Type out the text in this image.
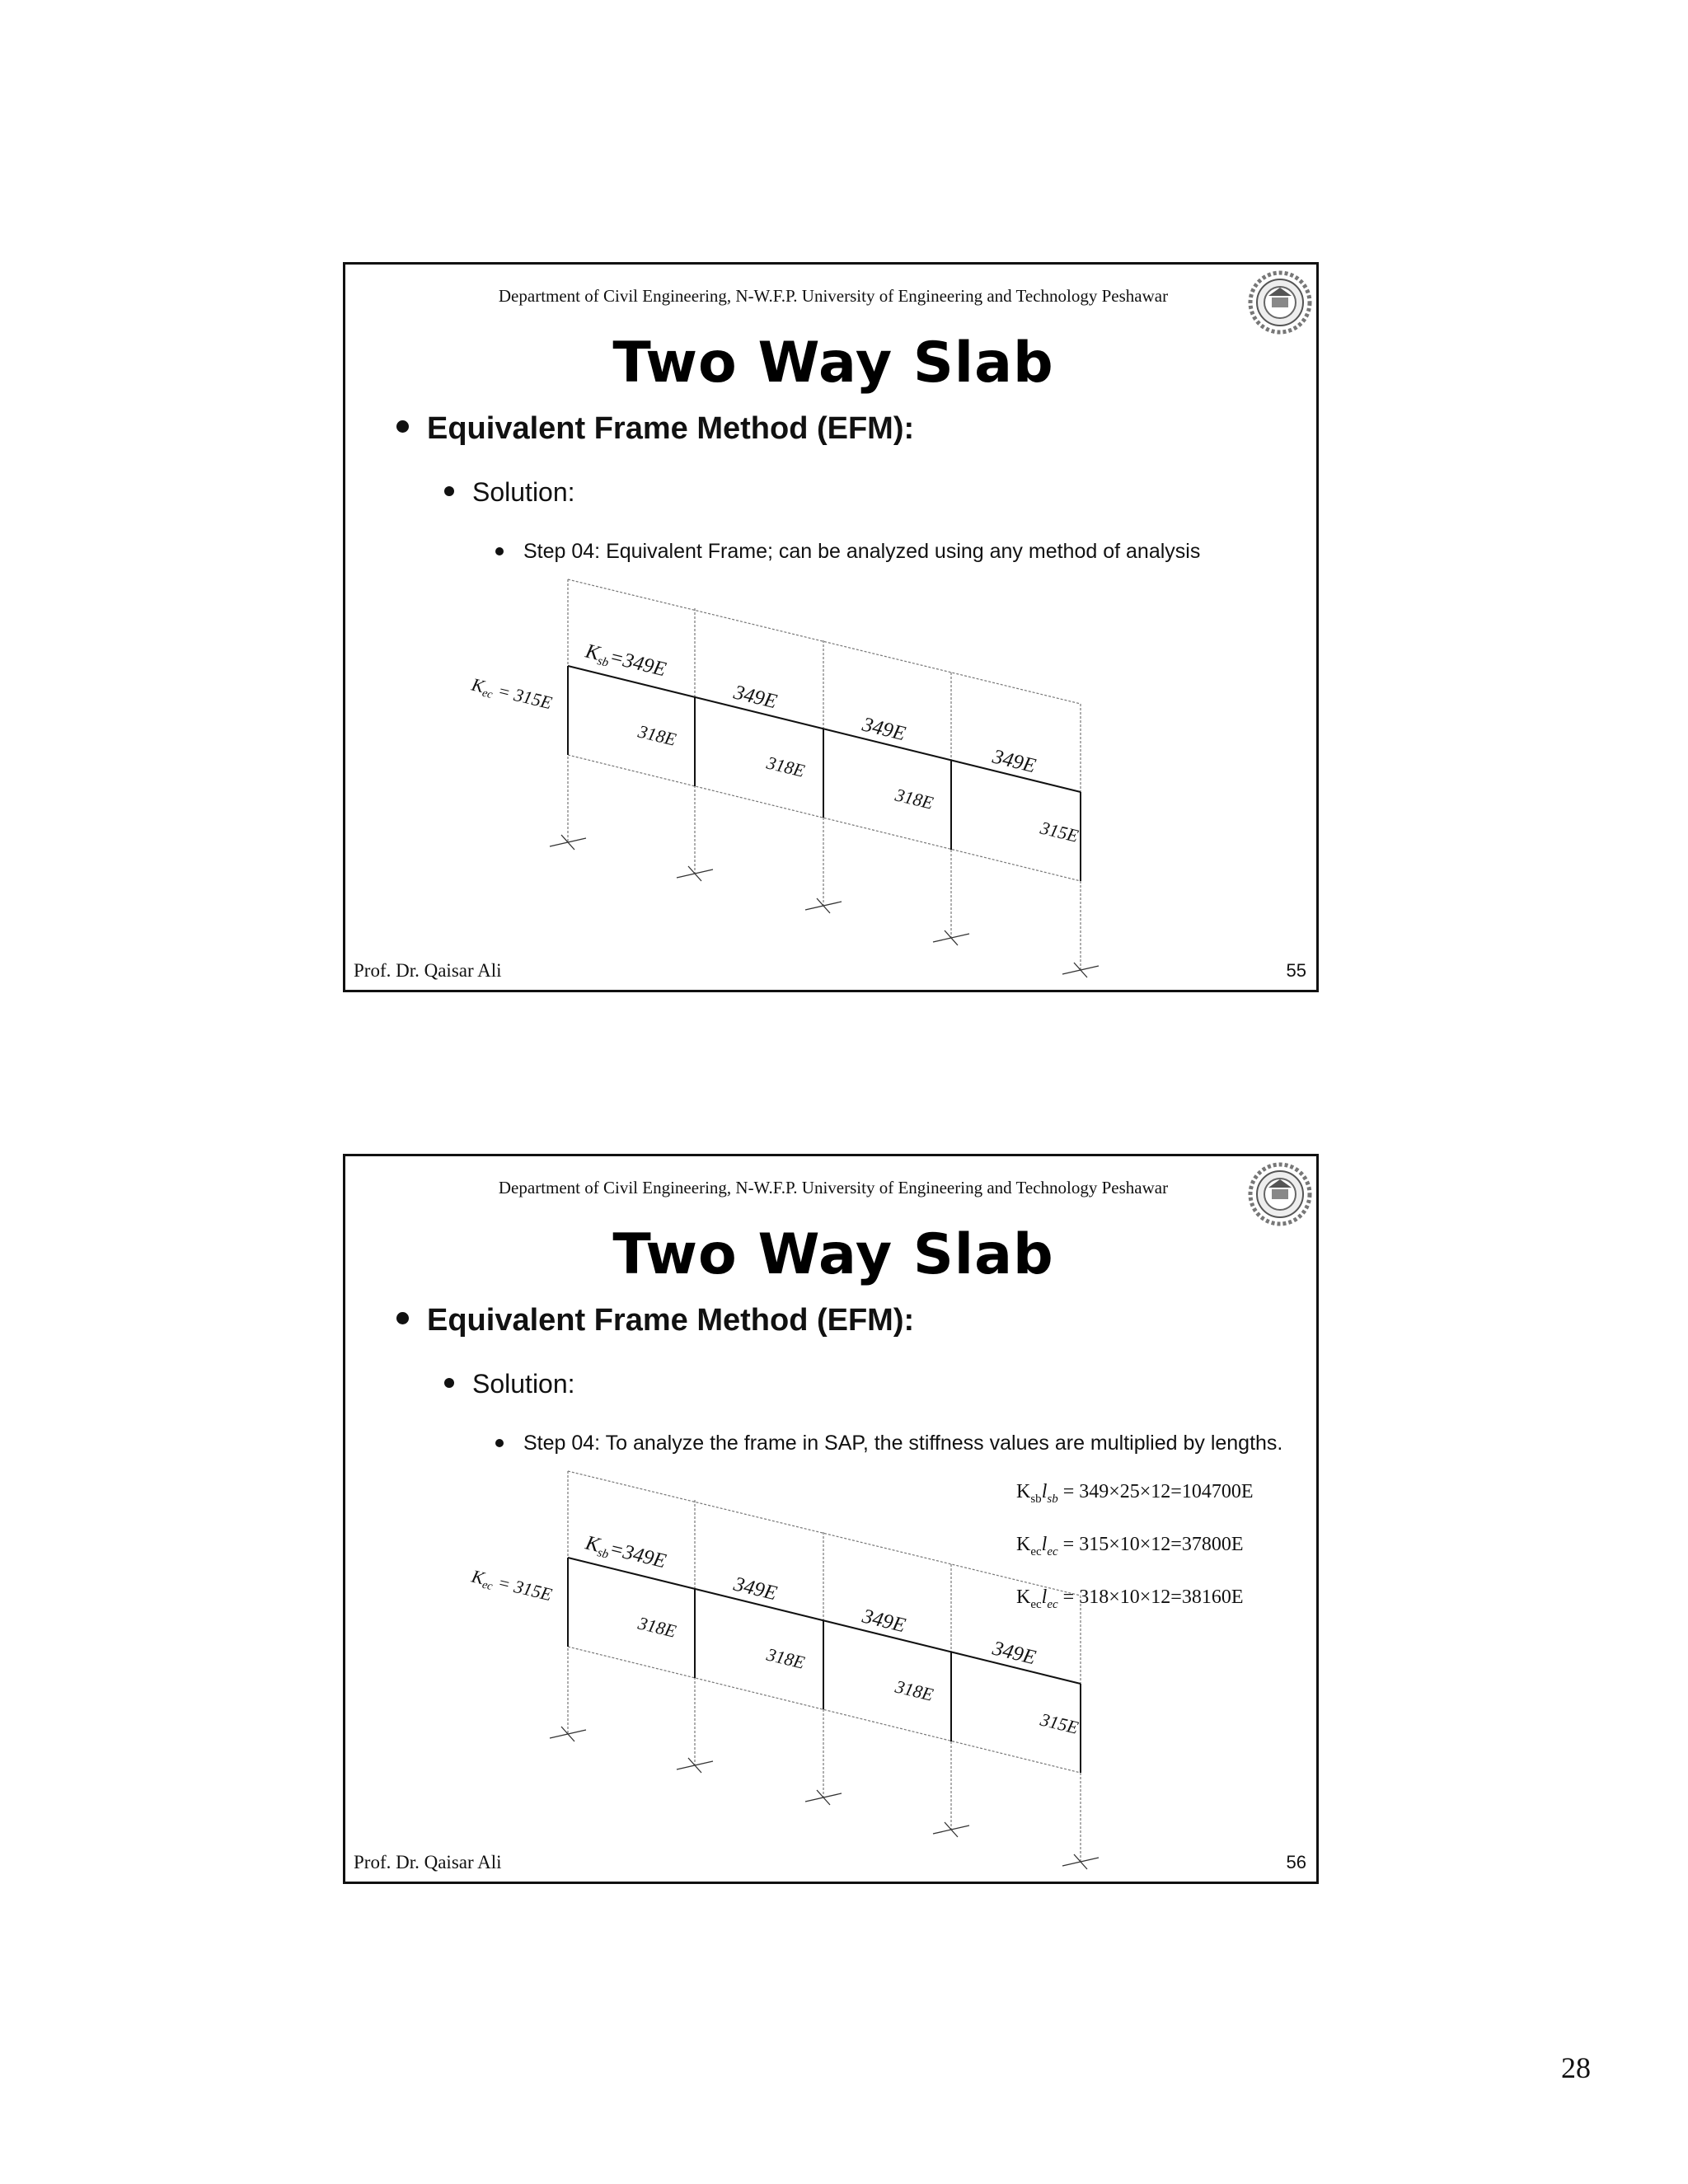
Department of Civil Engineering, N-W.F.P. University of Engineering and Technology Peshawar
Two Way Slab
Equivalent Frame Method (EFM):
Solution:
Step 04: Equivalent Frame; can be analyzed using any method of analysis
Kec = 315E
$K_{sb}=349E$
349E
349E
349E
318E
318E
318E
315E
Prof. Dr. Qaisar Ali	55
Department of Civil Engineering, N-W.F.P. University of Engineering and Technology Peshawar
Two Way Slab
Equivalent Frame Method (EFM):
Solution:
Step 04: To analyze the frame in SAP, the stiffness values are multiplied by lengths.
Kec = 315E
$K_{sb}=349E$
349E
349E
349E
318E
318E
318E
315E
$K_{sb}l_{sb} = 349\times 25\times 12=104700E$
$K_{ec}l_{ec} = 315\times 10\times 12=37800E$
$K_{ec}l_{ec} = 318\times 10\times 12=38160E$
Prof. Dr. Qaisar Ali	56
28
